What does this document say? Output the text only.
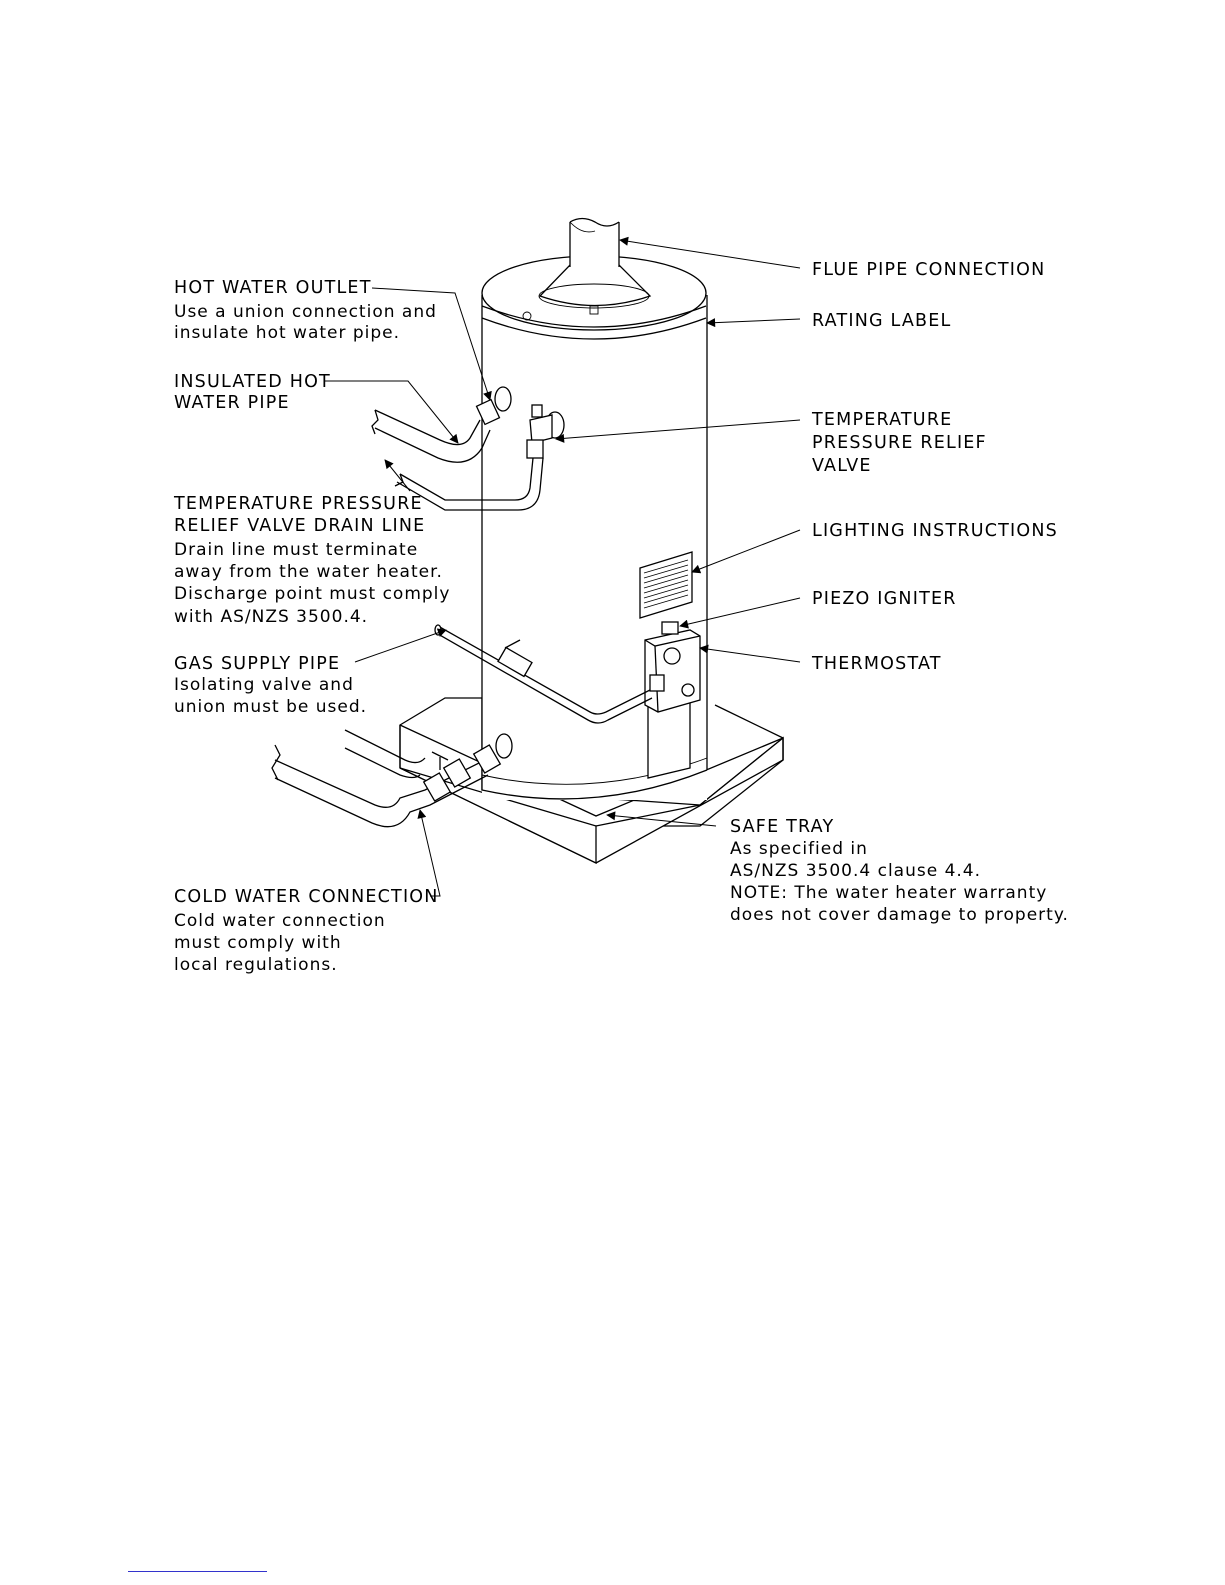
FLUE PIPE CONNECTION
RATING LABEL
TEMPERATURE
PRESSURE RELIEF
VALVE
LIGHTING INSTRUCTIONS
PIEZO IGNITER
THERMOSTAT
HOT WATER OUTLET
Use a union connection and
insulate hot water pipe.
INSULATED HOT
WATER PIPE
TEMPERATURE PRESSURE
RELIEF VALVE DRAIN LINE
Drain line must terminate
away from the water heater.
Discharge point must comply
with AS/NZS 3500.4.
GAS SUPPLY PIPE
Isolating valve and
union must be used.
SAFE TRAY
As specified in
AS/NZS 3500.4 clause 4.4.
NOTE: The water heater warranty
does not cover damage to property.
COLD WATER CONNECTION
Cold water connection
must comply with
local regulations.
